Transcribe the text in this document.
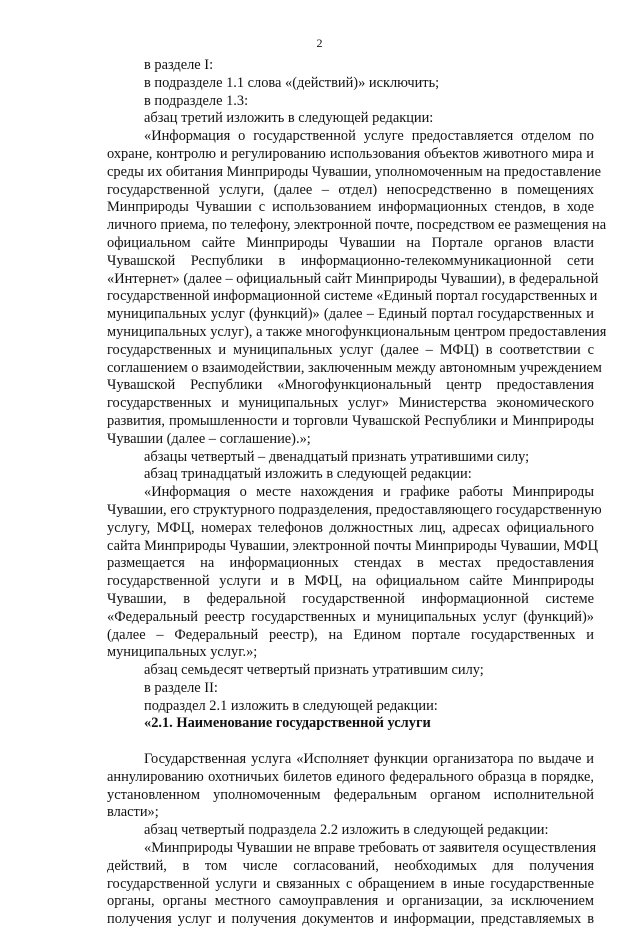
2
в разделе I:
в подразделе 1.1 слова «(действий)» исключить;
в подразделе 1.3:
абзац третий изложить в следующей редакции:
«Информация о государственной услуге предоставляется отделом по
охране, контролю и регулированию использования объектов животного мира и
среды их обитания Минприроды Чувашии, уполномоченным на предоставление
государственной услуги, (далее – отдел) непосредственно в помещениях
Минприроды Чувашии с использованием информационных стендов, в ходе
личного приема, по телефону, электронной почте, посредством ее размещения на
официальном сайте Минприроды Чувашии на Портале органов власти
Чувашской Республики в информационно-телекоммуникационной сети
«Интернет» (далее – официальный сайт Минприроды Чувашии), в федеральной
государственной информационной системе «Единый портал государственных и
муниципальных услуг (функций)» (далее – Единый портал государственных и
муниципальных услуг), а также многофункциональным центром предоставления
государственных и муниципальных услуг (далее – МФЦ) в соответствии с
соглашением о взаимодействии, заключенным между автономным учреждением
Чувашской Республики «Многофункциональный центр предоставления
государственных и муниципальных услуг» Министерства экономического
развития, промышленности и торговли Чувашской Республики и Минприроды
Чувашии (далее – соглашение).»;
абзацы четвертый – двенадцатый признать утратившими силу;
абзац тринадцатый изложить в следующей редакции:
«Информация о месте нахождения и графике работы Минприроды
Чувашии, его структурного подразделения, предоставляющего государственную
услугу, МФЦ, номерах телефонов должностных лиц, адресах официального
сайта Минприроды Чувашии, электронной почты Минприроды Чувашии, МФЦ
размещается на информационных стендах в местах предоставления
государственной услуги и в МФЦ, на официальном сайте Минприроды
Чувашии, в федеральной государственной информационной системе
«Федеральный реестр государственных и муниципальных услуг (функций)»
(далее – Федеральный реестр), на Едином портале государственных и
муниципальных услуг.»;
абзац семьдесят четвертый признать утратившим силу;
в разделе II:
подраздел 2.1 изложить в следующей редакции:
«2.1. Наименование государственной услуги
Государственная услуга «Исполняет функции организатора по выдаче и
аннулированию охотничьих билетов единого федерального образца в порядке,
установленном уполномоченным федеральным органом исполнительной
власти»;
абзац четвертый подраздела 2.2 изложить в следующей редакции:
«Минприроды Чувашии не вправе требовать от заявителя осуществления
действий, в том числе согласований, необходимых для получения
государственной услуги и связанных с обращением в иные государственные
органы, органы местного самоуправления и организации, за исключением
получения услуг и получения документов и информации, представляемых в
